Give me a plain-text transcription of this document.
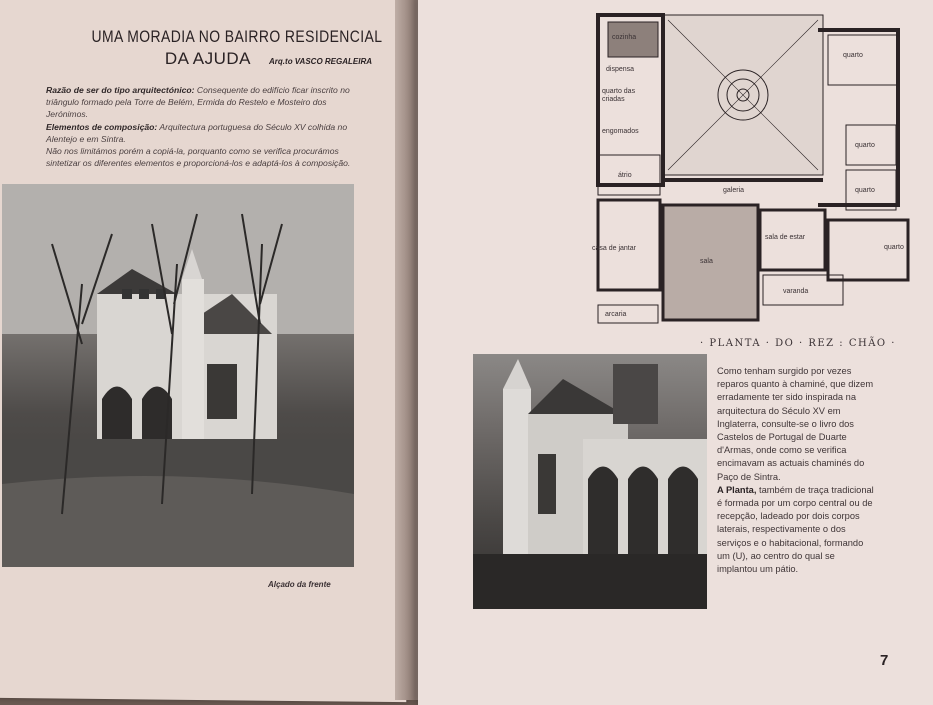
UMA MORADIA NO BAIRRO RESIDENCIAL
DA AJUDA Arq.to VASCO REGALEIRA
Razão de ser do tipo arquitectónico: Consequente do edifício ficar inscrito no triângulo formado pela Torre de Belém, Ermida do Restelo e Mosteiro dos Jerónimos.
Elementos de composição: Arquitectura portuguesa do Século XV colhida no Alentejo e em Sintra.
Não nos limitámos porém a copiá-la, porquanto como se verifica procurámos sintetizar os diferentes elementos e proporcioná-los e adaptá-los à composição.
Alçado da frente
cozinha
dispensa
quarto das criadas
engomados
átrio
galeria
casa de jantar
sala
sala de estar
quarto
quarto
quarto
quarto
varanda
arcaria
· PLANTA · DO · REZ : CHÃO ·
Como tenham surgido por vezes reparos quanto à chaminé, que dizem erradamente ter sido inspirada na arquitectura do Século XV em Inglaterra, consulte-se o livro dos Castelos de Portugal de Duarte d'Armas, onde como se verifica encimavam as actuais chaminés do Paço de Sintra.
A Planta, também de traça tradicional é formada por um corpo central ou de recepção, ladeado por dois corpos laterais, respectivamente o dos serviços e o habitacional, formando um (U), ao centro do qual se implantou um pátio.
7
